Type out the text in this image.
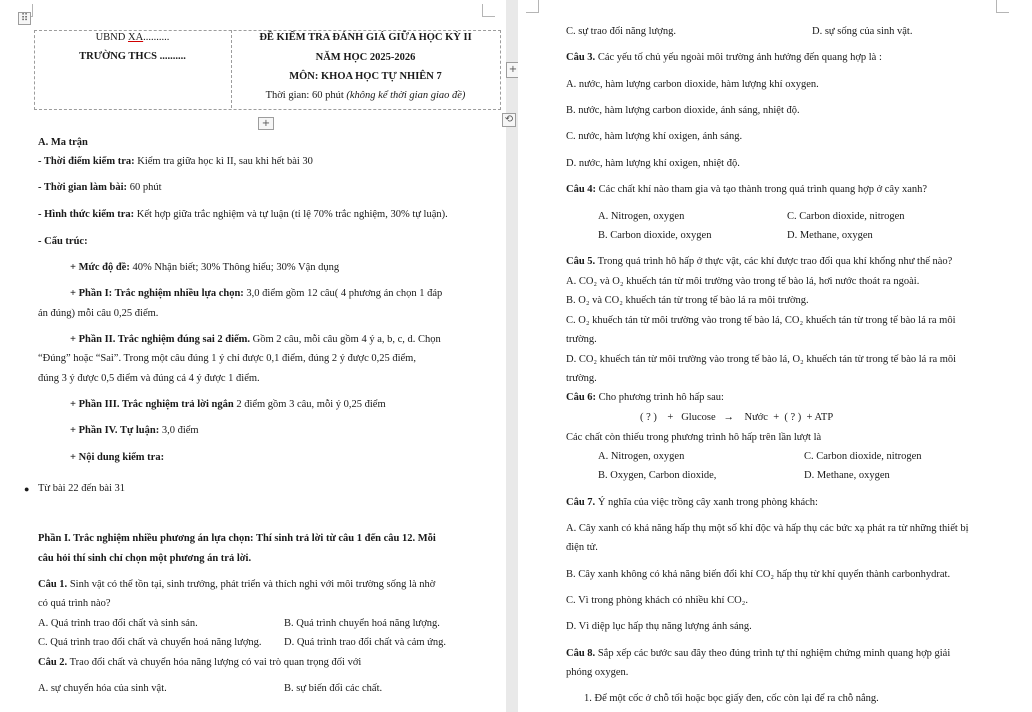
⠿
UBND XA..........
TRƯỜNG THCS ..........
ĐỀ KIỂM TRA ĐÁNH GIÁ GIỮA HỌC KỲ II
NĂM HỌC 2025-2026
MÔN: KHOA HỌC TỰ NHIÊN 7
Thời gian: 60 phút (không kể thời gian giao đề)
+
A. Ma trận
- Thời điểm kiểm tra: Kiểm tra giữa học kì II, sau khi hết bài 30
- Thời gian làm bài: 60 phút
- Hình thức kiểm tra: Kết hợp giữa trắc nghiệm và tự luận (tỉ lệ 70% trắc nghiệm, 30% tự luận).
- Cấu trúc:
+ Mức độ đề: 40% Nhận biết; 30% Thông hiểu; 30% Vận dụng
+ Phần I: Trắc nghiệm nhiều lựa chọn: 3,0 điểm gồm 12 câu( 4 phương án chọn 1 đáp
án đúng) mỗi câu 0,25 điểm.
+ Phần II. Trắc nghiệm đúng sai 2 điểm. Gồm 2 câu, mỗi câu gồm 4 ý a, b, c, d. Chọn
“Đúng” hoặc “Sai”. Trong một câu đúng 1 ý chỉ được 0,1 điểm, đúng 2 ý được 0,25 điểm,
đúng 3 ý được 0,5 điểm và đúng cả 4 ý được 1 điểm.
+ Phần III. Trắc nghiệm trả lời ngắn 2 điểm gồm 3 câu, mỗi ý 0,25 điểm
+ Phần IV. Tự luận: 3,0 điểm
+ Nội dung kiểm tra:
● Từ bài 22 đến bài 31
Phần I. Trắc nghiệm nhiều phương án lựa chọn: Thí sinh trả lời từ câu 1 đến câu 12. Mỗi
câu hỏi thí sinh chỉ chọn một phương án trả lời.
Câu 1. Sinh vật có thể tồn tại, sinh trưởng, phát triển và thích nghi với môi trường sống là nhờ
có quá trình nào?
A. Quá trình trao đổi chất và sinh sản.	B. Quá trình chuyển hoá năng lượng.
C. Quá trình trao đổi chất và chuyển hoá năng lượng. D. Quá trình trao đổi chất và cảm ứng.
Câu 2. Trao đổi chất và chuyển hóa năng lượng có vai trò quan trọng đối với
A. sự chuyển hóa của sinh vật.	B. sự biến đổi các chất.
+
⟲
C. sự trao đổi năng lượng.	D. sự sống của sinh vật.
Câu 3. Các yếu tố chủ yếu ngoài môi trường ảnh hưởng đến quang hợp là :
A. nước, hàm lượng carbon dioxide, hàm lượng khí oxygen.
B. nước, hàm lượng carbon dioxide, ánh sáng, nhiệt độ.
C. nước, hàm lượng khí oxigen, ánh sáng.
D. nước, hàm lượng khí oxigen, nhiệt độ.
Câu 4: Các chất khí nào tham gia và tạo thành trong quá trình quang hợp ở cây xanh?
A. Nitrogen, oxygen	C. Carbon dioxide, nitrogen
B. Carbon dioxide, oxygen	D. Methane, oxygen
Câu 5. Trong quá trình hô hấp ở thực vật, các khí được trao đổi qua khí khổng như thế nào?
A. CO₂ và O₂ khuếch tán từ môi trường vào trong tế bào lá, hơi nước thoát ra ngoài.
B. O₂ và CO₂ khuếch tán từ trong tế bào lá ra môi trường.
C. O₂ khuếch tán từ môi trường vào trong tế bào lá, CO₂ khuếch tán từ trong tế bào lá ra môi
trường.
D. CO₂ khuếch tán từ môi trường vào trong tế bào lá, O₂ khuếch tán từ trong tế bào lá ra môi
trường.
Câu 6: Cho phương trình hô hấp sau:
( ? )    +   Glucose   →    Nước  +  ( ? )  + ATP
Các chất còn thiếu trong phương trình hô hấp trên lần lượt là
A. Nitrogen, oxygen	C. Carbon dioxide, nitrogen
B. Oxygen, Carbon dioxide,	D. Methane, oxygen
Câu 7. Ý nghĩa của việc trồng cây xanh trong phòng khách:
A. Cây xanh có khả năng hấp thụ một số khí độc và hấp thụ các bức xạ phát ra từ những thiết bị
điện tử.
B. Cây xanh không có khả năng biến đổi khí CO₂ hấp thụ từ khí quyển thành carbonhydrat.
C. Vì trong phòng khách có nhiều khí CO₂.
D. Vì diệp lục hấp thụ năng lượng ánh sáng.
Câu 8. Sắp xếp các bước sau đây theo đúng trình tự thí nghiệm chứng minh quang hợp giải
phóng oxygen.
1. Để một cốc ở chỗ tối hoặc bọc giấy đen, cốc còn lại để ra chỗ nắng.
